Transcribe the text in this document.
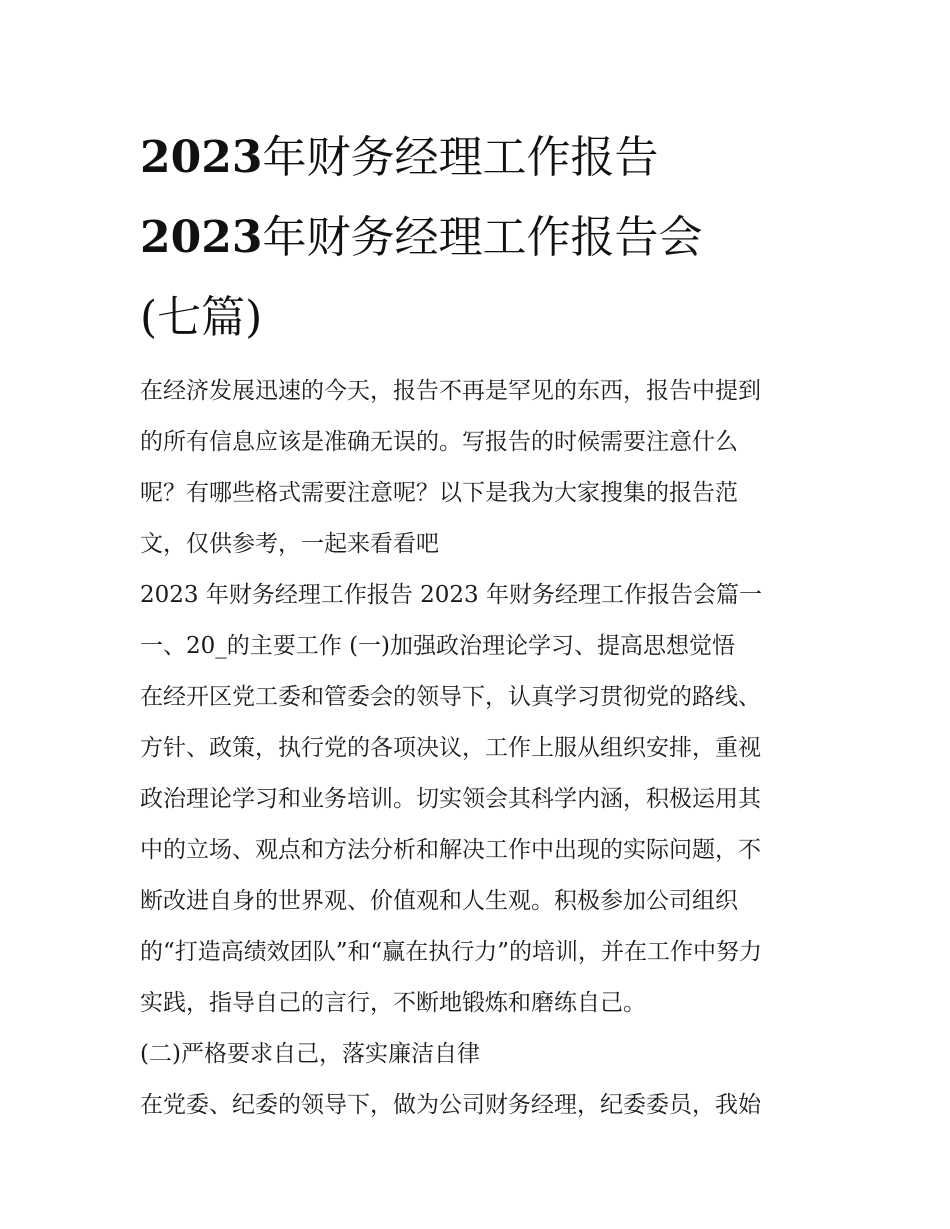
2023年财务经理工作报告
2023年财务经理工作报告会
(七篇)
在经济发展迅速的今天，报告不再是罕见的东西，报告中提到
的所有信息应该是准确无误的。写报告的时候需要注意什么
呢？有哪些格式需要注意呢？以下是我为大家搜集的报告范
文，仅供参考，一起来看看吧
2023 年财务经理工作报告 2023 年财务经理工作报告会篇一
一、20_的主要工作 (一)加强政治理论学习、提高思想觉悟
在经开区党工委和管委会的领导下，认真学习贯彻党的路线、
方针、政策，执行党的各项决议，工作上服从组织安排，重视
政治理论学习和业务培训。切实领会其科学内涵，积极运用其
中的立场、观点和方法分析和解决工作中出现的实际问题，不
断改进自身的世界观、价值观和人生观。积极参加公司组织
的“打造高绩效团队”和“赢在执行力”的培训，并在工作中努力
实践，指导自己的言行，不断地锻炼和磨练自己。
(二)严格要求自己，落实廉洁自律
在党委、纪委的领导下，做为公司财务经理，纪委委员，我始
